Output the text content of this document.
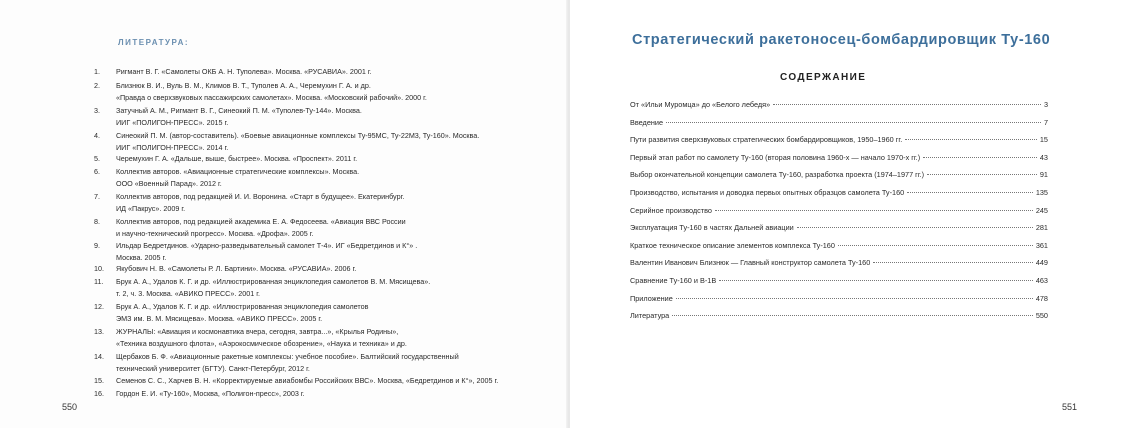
ЛИТЕРАТУРА:
1.	Ригмант В. Г. «Самолеты ОКБ А. Н. Туполева». Москва. «РУСАВИА». 2001 г.
2.	Близнюк В. И., Вуль В. М., Климов В. Т., Туполев А. А., Черемухин Г. А. и др.
«Правда о сверхзвуковых пассажирских самолетах». Москва. «Московский рабочий». 2000 г.
3.	Затучный А. М., Ригмант В. Г., Синеокий П. М. «Туполев-Ту-144». Москва.
ИИГ «ПОЛИГОН-ПРЕСС». 2015 г.
4.	Синеокий П. М. (автор-составитель). «Боевые авиационные комплексы Ту-95МС, Ту-22М3, Ту-160». Москва.
ИИГ «ПОЛИГОН-ПРЕСС». 2014 г.
5.	Черемухин Г. А. «Дальше, выше, быстрее». Москва. «Проспект». 2011 г.
6.	Коллектив авторов. «Авиационные стратегические комплексы». Москва.
ООО «Военный Парад». 2012 г.
7.	Коллектив авторов, под редакцией И. И. Воронина. «Старт в будущее». Екатеринбург.
ИД «Пакрус». 2009 г.
8.	Коллектив авторов, под редакцией академика Е. А. Федосеева. «Авиация ВВС России
и научно-технический прогресс». Москва. «Дрофа». 2005 г.
9.	Ильдар Бедретдинов. «Ударно-разведывательный самолет Т-4». ИГ «Бедретдинов и К°» .
Москва. 2005 г.
10.	Якубович Н. В. «Самолеты Р. Л. Бартини». Москва. «РУСАВИА». 2006 г.
11.	Брук А. А., Удалов К. Г. и др. «Иллюстрированная энциклопедия самолетов В. М. Мясищева».
т. 2, ч. 3. Москва. «АВИКО ПРЕСС». 2001 г.
12.	Брук А. А., Удалов К. Г. и др. «Иллюстрированная энциклопедия самолетов
ЭМЗ им. В. М. Мясищева». Москва. «АВИКО ПРЕСС». 2005 г.
13.	ЖУРНАЛЫ: «Авиация и космонавтика вчера, сегодня, завтра...», «Крылья Родины»,
«Техника воздушного флота», «Аэрокосмическое обозрение», «Наука и техника» и др.
14.	Щербаков Б. Ф. «Авиационные ракетные комплексы: учебное пособие». Балтийский государственный
технический университет (БГТУ). Санкт-Петербург, 2012 г.
15.	Семенов С. С., Харчев В. Н. «Корректируемые авиабомбы Российских ВВС». Москва, «Бедретдинов и К°», 2005 г.
16.	Гордон Е. И. «Ту-160», Москва, «Полигон-пресс», 2003 г.
550
Стратегический ракетоносец-бомбардировщик Ту-160
СОДЕРЖАНИЕ
От «Ильи Муромца» до «Белого лебедя»	3
Введение	7
Пути развития сверхзвуковых стратегических бомбардировщиков, 1950–1960 гг.	15
Первый этап работ по самолету Ту-160 (вторая половина 1960-х — начало 1970-х гг.)	43
Выбор окончательной концепции самолета Ту-160, разработка проекта (1974–1977 гг.)	91
Производство, испытания и доводка первых опытных образцов самолета Ту-160	135
Серийное производство	245
Эксплуатация Ту-160 в частях Дальней авиации	281
Краткое техническое описание элементов комплекса Ту-160	361
Валентин Иванович Близнюк — Главный конструктор самолета Ту-160	449
Сравнение Ту-160 и В-1В	463
Приложение	478
Литература	550
551
